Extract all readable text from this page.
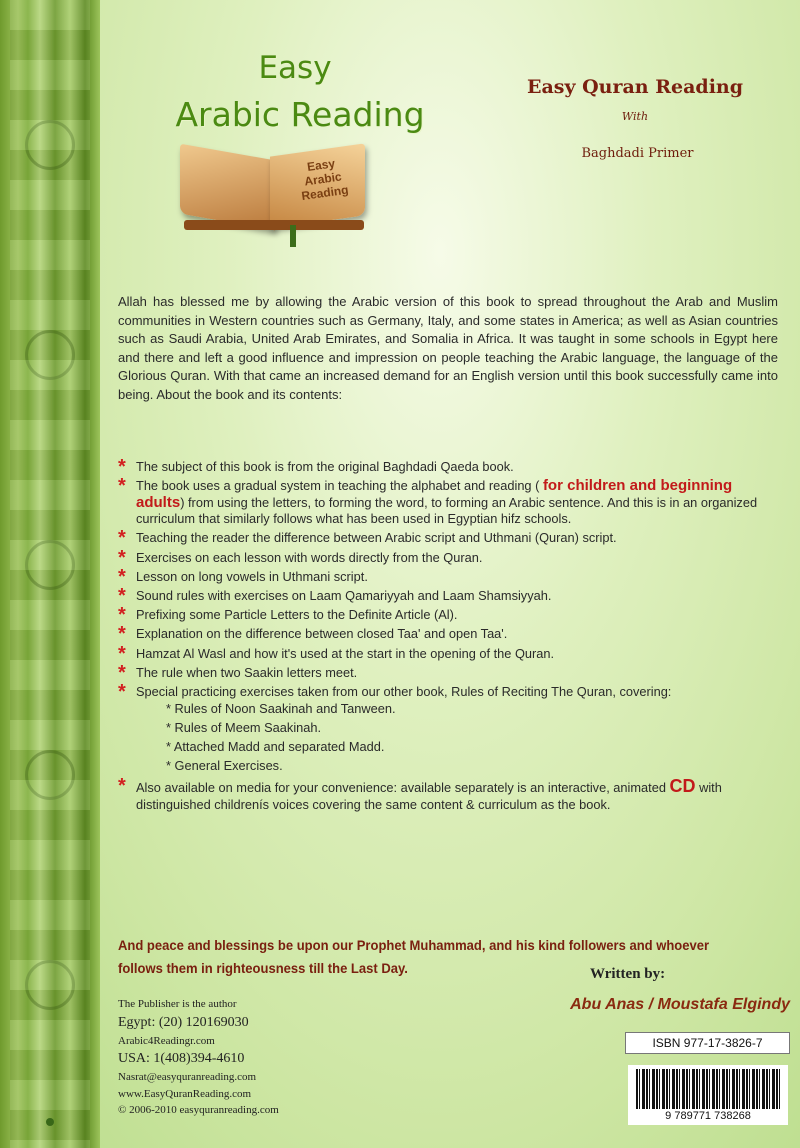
Easy
Arabic Reading
Easy Arabic Reading
Easy Quran Reading
With
Baghdadi Primer

Allah has blessed me by allowing the Arabic version of this book to spread throughout the Arab and Muslim communities in Western countries such as Germany, Italy, and some states in America; as well as Asian countries such as Saudi Arabia, United Arab Emirates, and Somalia in Africa. It was taught in some schools in Egypt here and there and left a good influence and impression on people teaching the Arabic language, the language of the Glorious Quran. With that came an increased demand for an English version until this book successfully came into being. About the book and its contents:

* The subject of this book is from the original Baghdadi Qaeda book.
* The book uses a gradual system in teaching the alphabet and reading ( for children and beginning adults) from using the letters, to forming the word, to forming an Arabic sentence. And this is in an organized curriculum that similarly follows what has been used in Egyptian hifz schools.
* Teaching the reader the difference between Arabic script and Uthmani (Quran) script.
* Exercises on each lesson with words directly from the Quran.
* Lesson on long vowels in Uthmani script.
* Sound rules with exercises on Laam Qamariyyah and Laam Shamsiyyah.
* Prefixing some Particle Letters to the Definite Article (Al).
* Explanation on the difference between closed Taa' and open Taa'.
* Hamzat Al Wasl and how it's used at the start in the opening of the Quran.
* The rule when two Saakin letters meet.
* Special practicing exercises taken from our other book, Rules of Reciting The Quran, covering:
* Rules of Noon Saakinah and Tanween.
* Rules of Meem Saakinah.
* Attached Madd and separated Madd.
* General Exercises.
* Also available on media for your convenience: available separately is an interactive, animated CD with distinguished childrenís voices covering the same content & curriculum as the book.

And peace and blessings be upon our Prophet Muhammad, and his kind followers and whoever follows them in righteousness till the Last Day.	Written by:
Abu Anas / Moustafa Elgindy
The Publisher is the author
Egypt: (20) 120169030
Arabic4Readingr.com
USA: 1(408)394-4610
Nasrat@easyquranreading.com
www.EasyQuranReading.com
© 2006-2010 easyquranreading.com
ISBN 977-17-3826-7
9 789771 738268
